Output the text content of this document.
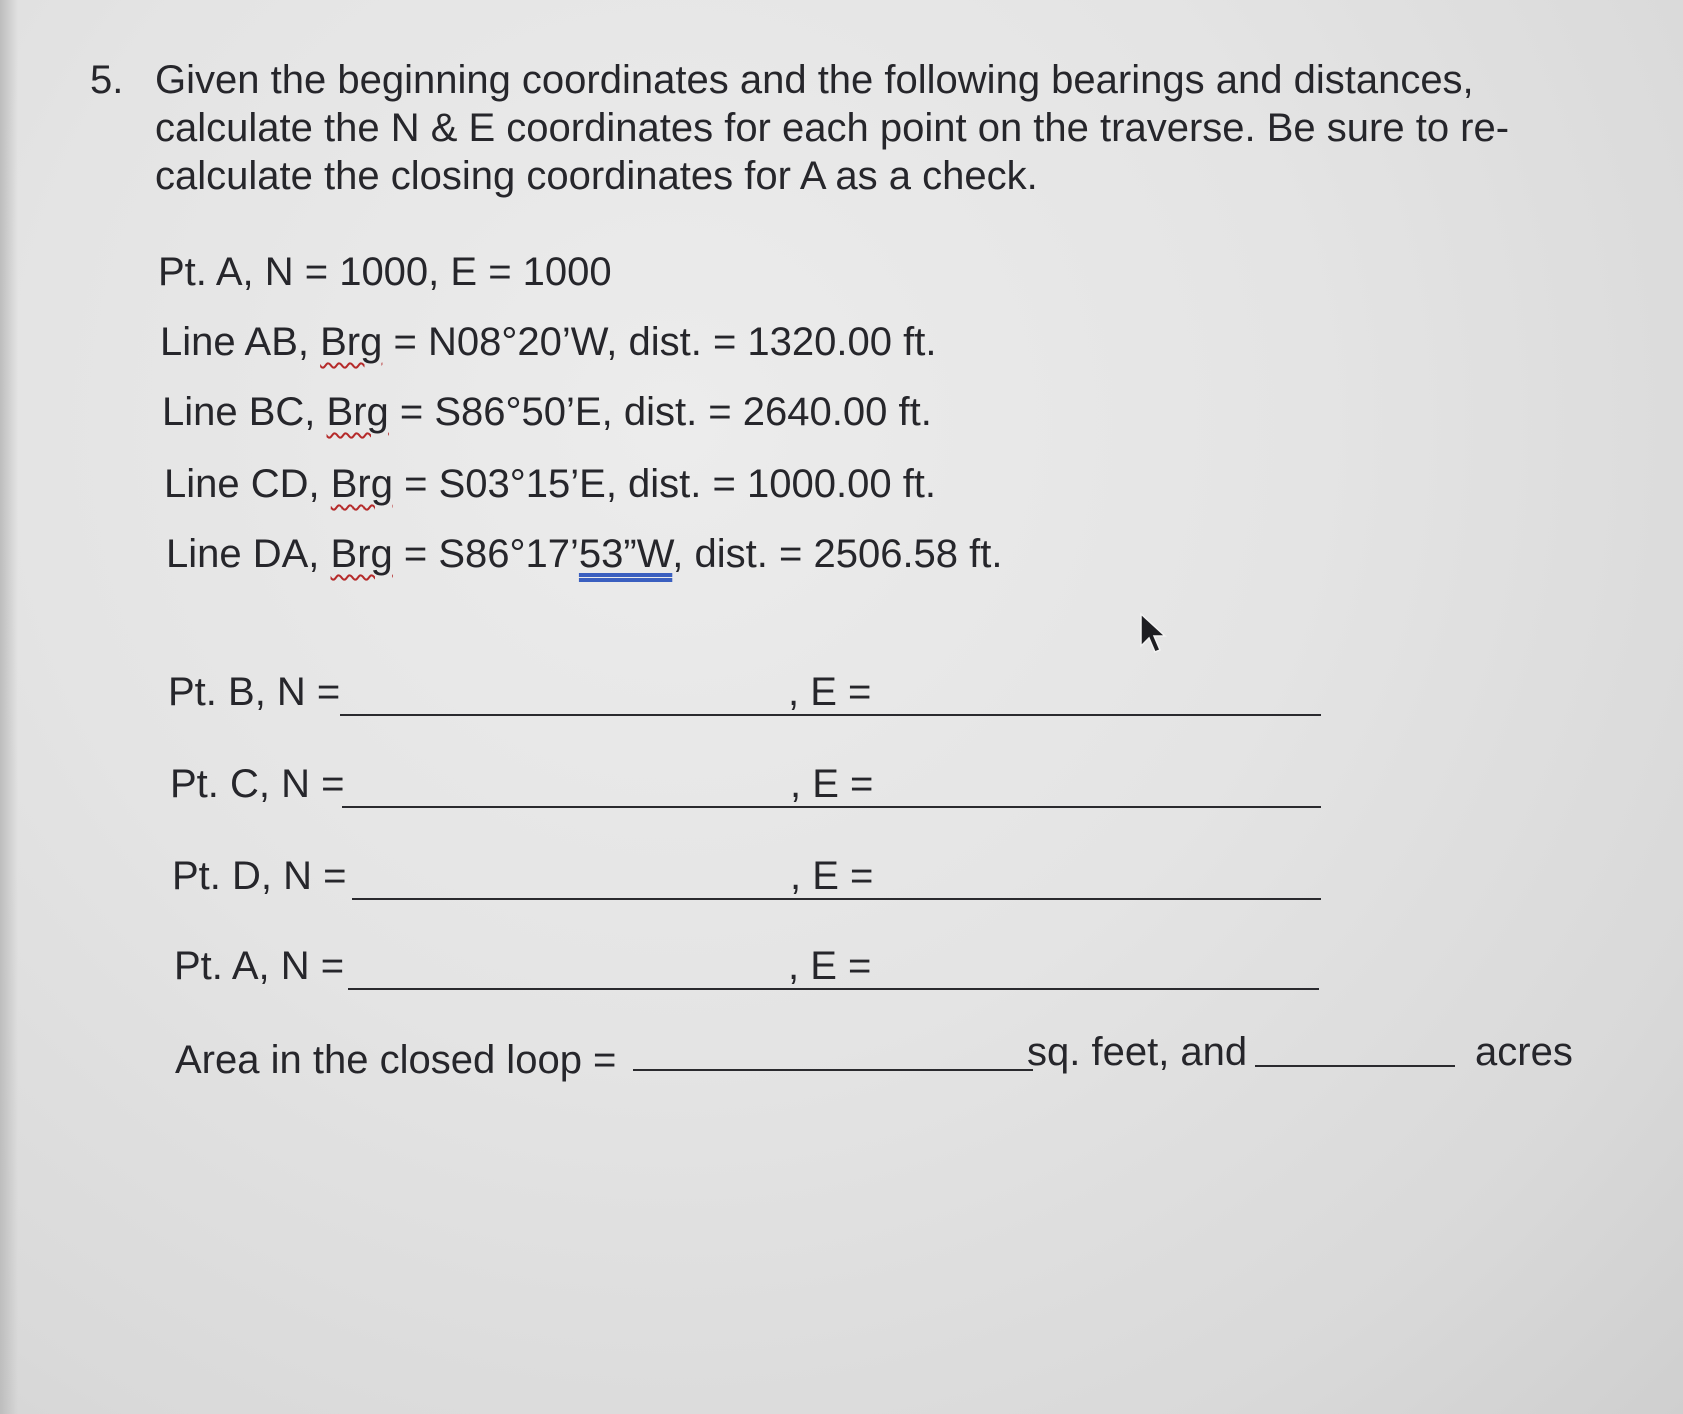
5. Given the beginning coordinates and the following bearings and distances,
calculate the N & E coordinates for each point on the traverse. Be sure to re-
calculate the closing coordinates for A as a check.
Pt. A, N = 1000, E = 1000
Line AB, Brg = N08°20’W, dist. = 1320.00 ft.
Line BC, Brg = S86°50’E, dist. = 2640.00 ft.
Line CD, Brg = S03°15’E, dist. = 1000.00 ft.
Line DA, Brg = S86°17’53”W, dist. = 2506.58 ft.
Pt. B, N =	, E =
Pt. C, N =	, E =
Pt. D, N =	, E =
Pt. A, N =	, E =
Area in the closed loop =	sq. feet, and	acres
